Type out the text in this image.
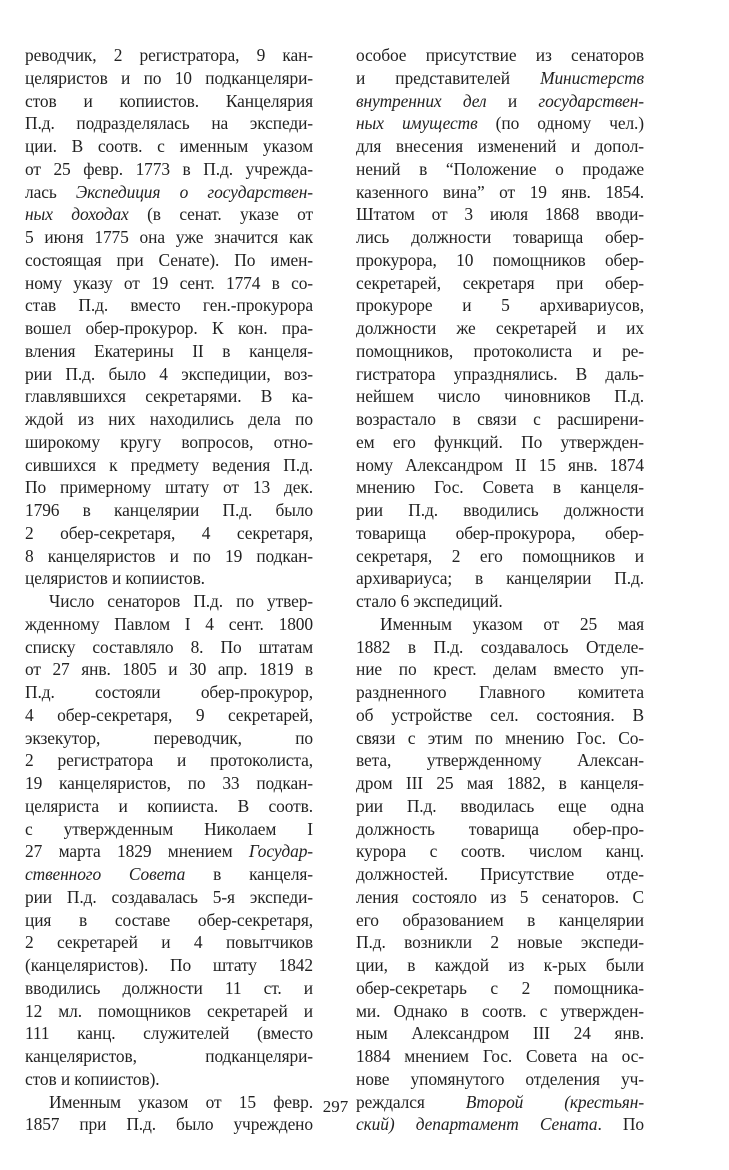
реводчик, 2 регистратора, 9 кан-
целяристов и по 10 подканцеляри-
стов и копиистов. Канцелярия
П.д. подразделялась на экспеди-
ции. В соотв. с именным указом
от 25 февр. 1773 в П.д. учрежда-
лась Экспедиция о государствен-
ных доходах (в сенат. указе от
5 июня 1775 она уже значится как
состоящая при Сенате). По имен-
ному указу от 19 сент. 1774 в со-
став П.д. вместо ген.-прокурора
вошел обер-прокурор. К кон. пра-
вления Екатерины II в канцеля-
рии П.д. было 4 экспедиции, воз-
главлявшихся секретарями. В ка-
ждой из них находились дела по
широкому кругу вопросов, отно-
сившихся к предмету ведения П.д.
По примерному штату от 13 дек.
1796 в канцелярии П.д. было
2 обер-секретаря, 4 секретаря,
8 канцеляристов и по 19 подкан-
целяристов и копиистов.
Число сенаторов П.д. по утвер-
жденному Павлом I 4 сент. 1800
списку составляло 8. По штатам
от 27 янв. 1805 и 30 апр. 1819 в
П.д. состояли обер-прокурор,
4 обер-секретаря, 9 секретарей,
экзекутор, переводчик, по
2 регистратора и протоколиста,
19 канцеляристов, по 33 подкан-
целяриста и копииста. В соотв.
с утвержденным Николаем I
27 марта 1829 мнением Государ-
ственного Совета в канцеля-
рии П.д. создавалась 5-я экспеди-
ция в составе обер-секретаря,
2 секретарей и 4 повытчиков
(канцеляристов). По штату 1842
вводились должности 11 ст. и
12 мл. помощников секретарей и
111 канц. служителей (вместо
канцеляристов, подканцеляри-
стов и копиистов).
Именным указом от 15 февр.
1857 при П.д. было учреждено
особое присутствие из сенаторов
и представителей Министерств
внутренних дел и государствен-
ных имуществ (по одному чел.)
для внесения изменений и допол-
нений в “Положение о продаже
казенного вина” от 19 янв. 1854.
Штатом от 3 июля 1868 вводи-
лись должности товарища обер-
прокурора, 10 помощников обер-
секретарей, секретаря при обер-
прокуроре и 5 архивариусов,
должности же секретарей и их
помощников, протоколиста и ре-
гистратора упразднялись. В даль-
нейшем число чиновников П.д.
возрастало в связи с расширени-
ем его функций. По утвержден-
ному Александром II 15 янв. 1874
мнению Гос. Совета в канцеля-
рии П.д. вводились должности
товарища обер-прокурора, обер-
секретаря, 2 его помощников и
архивариуса; в канцелярии П.д.
стало 6 экспедиций.
Именным указом от 25 мая
1882 в П.д. создавалось Отделе-
ние по крест. делам вместо уп-
раздненного Главного комитета
об устройстве сел. состояния. В
связи с этим по мнению Гос. Со-
вета, утвержденному Алексан-
дром III 25 мая 1882, в канцеля-
рии П.д. вводилась еще одна
должность товарища обер-про-
курора с соотв. числом канц.
должностей. Присутствие отде-
ления состояло из 5 сенаторов. С
его образованием в канцелярии
П.д. возникли 2 новые экспеди-
ции, в каждой из к-рых были
обер-секретарь с 2 помощника-
ми. Однако в соотв. с утвержден-
ным Александром III 24 янв.
1884 мнением Гос. Совета на ос-
нове упомянутого отделения уч-
реждался Второй (крестьян-
ский) департамент Сената. По
297
